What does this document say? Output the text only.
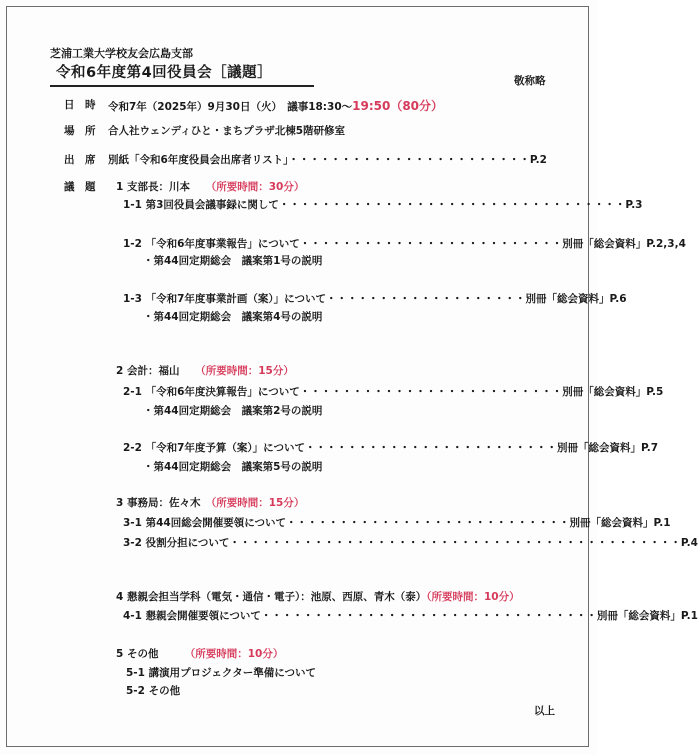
芝浦工業大学校友会広島支部
令和6年度第4回役員会［議題］	敬称略
日　時 令和7年（2025年）9月30日（火）　議事18:30〜19:50（80分）
場　所 合人社ウェンディひと・まちプラザ北棟5階研修室
出　席 別紙「令和6年度役員会出席者リスト」・・・・・・・・・・・・・・・・・・・・・・・P.2
議　題 1 支部長：川本　　 （所要時間：30分）
1-1 第3回役員会議事録に関して・・・・・・・・・・・・・・・・・・・・・・・・・・・・・・・・・P.3
1-2 「令和6年度事業報告」について・・・・・・・・・・・・・・・・・・・・・・・・・別冊「総会資料」P.2,3,4
・第44回定期総会　議案第1号の説明
1-3 「令和7年度事業計画（案）」について・・・・・・・・・・・・・・・・・・・別冊「総会資料」P.6
・第44回定期総会　議案第4号の説明
2 会計：福山　　 （所要時間：15分）
2-1 「令和6年度決算報告」について・・・・・・・・・・・・・・・・・・・・・・・・・別冊「総会資料」P.5
・第44回定期総会　議案第2号の説明
2-2 「令和7年度予算（案）」について・・・・・・・・・・・・・・・・・・・・・・・・別冊「総会資料」P.7
・第44回定期総会　議案第5号の説明
3 事務局：佐々木　 （所要時間：15分）
3-1 第44回総会開催要領について・・・・・・・・・・・・・・・・・・・・・・・・・・・別冊「総会資料」P.1
3-2 役割分担について・・・・・・・・・・・・・・・・・・・・・・・・・・・・・・・・・・・・・・・・・・・P.4
4 懇親会担当学科（電気・通信・電子）：池原、西原、青木（泰）（所要時間：10分）
4-1 懇親会開催要領について・・・・・・・・・・・・・・・・・・・・・・・・・・・・・・・・別冊「総会資料」P.1
5 その他　　　	（所要時間：10分）
5-1 講演用プロジェクター準備について
5-2 その他
以上
